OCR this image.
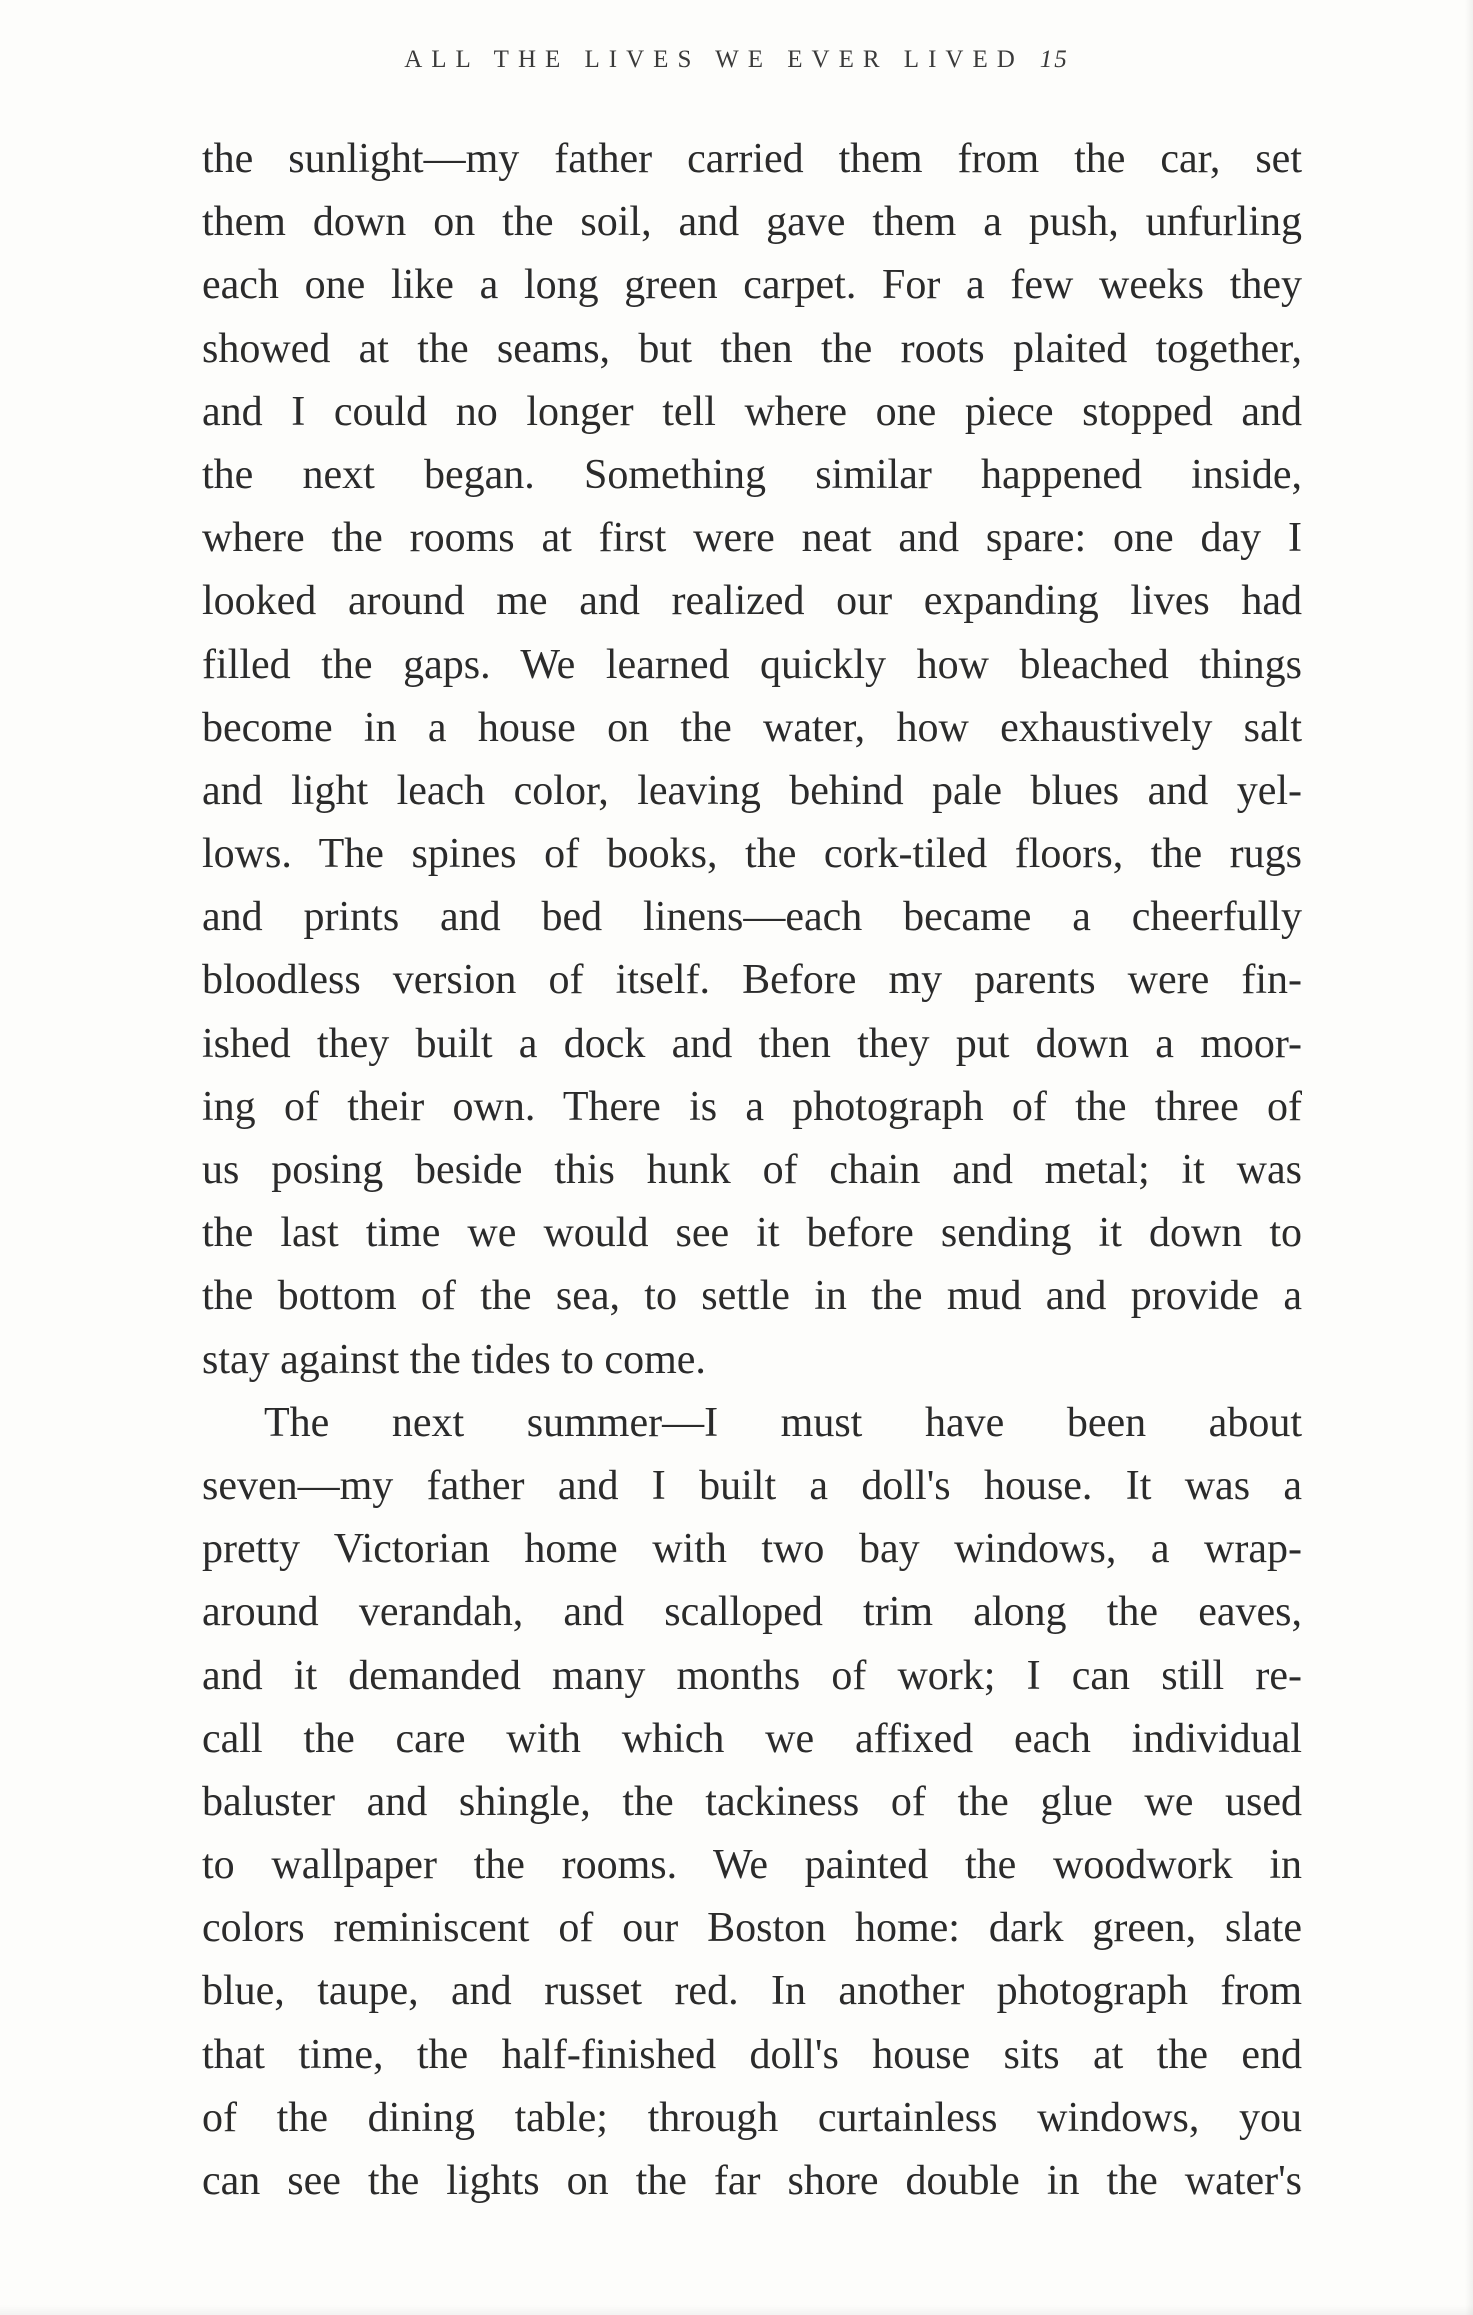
ALL THE LIVES WE EVER LIVED 15
the sunlight—my father carried them from the car, set
them down on the soil, and gave them a push, unfurling
each one like a long green carpet. For a few weeks they
showed at the seams, but then the roots plaited together,
and I could no longer tell where one piece stopped and
the next began. Something similar happened inside,
where the rooms at first were neat and spare: one day I
looked around me and realized our expanding lives had
filled the gaps. We learned quickly how bleached things
become in a house on the water, how exhaustively salt
and light leach color, leaving behind pale blues and yel-
lows. The spines of books, the cork-tiled floors, the rugs
and prints and bed linens—each became a cheerfully
bloodless version of itself. Before my parents were fin-
ished they built a dock and then they put down a moor-
ing of their own. There is a photograph of the three of
us posing beside this hunk of chain and metal; it was
the last time we would see it before sending it down to
the bottom of the sea, to settle in the mud and provide a
stay against the tides to come.
The next summer—I must have been about
seven—my father and I built a doll's house. It was a
pretty Victorian home with two bay windows, a wrap-
around verandah, and scalloped trim along the eaves,
and it demanded many months of work; I can still re-
call the care with which we affixed each individual
baluster and shingle, the tackiness of the glue we used
to wallpaper the rooms. We painted the woodwork in
colors reminiscent of our Boston home: dark green, slate
blue, taupe, and russet red. In another photograph from
that time, the half-finished doll's house sits at the end
of the dining table; through curtainless windows, you
can see the lights on the far shore double in the water's
